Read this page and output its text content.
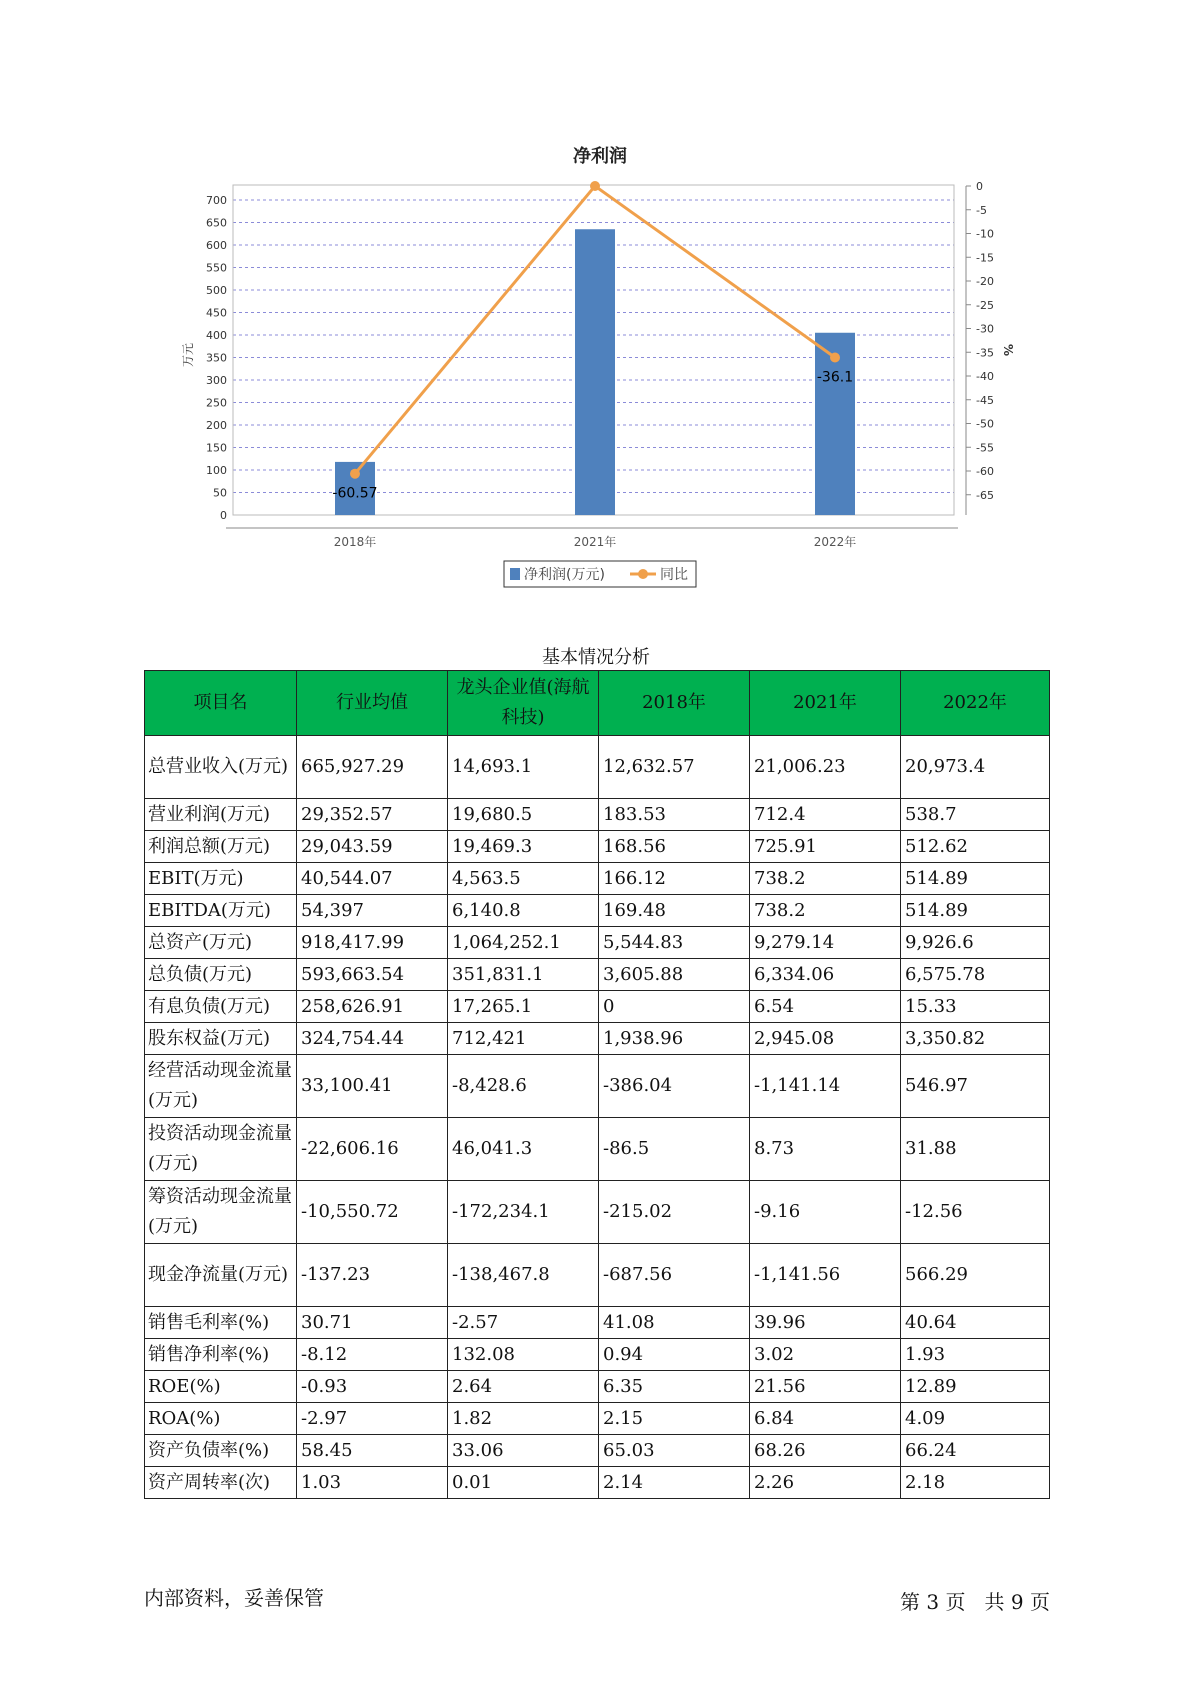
净利润
0
50
100
150
200
250
300
350
400
450
500
550
600
650
700
0
-5
-10
-15
-20
-25
-30
-35
-40
-45
-50
-55
-60
-65
万元	%
2018年	2021年	2022年
-60.57
-36.1
净利润(万元)	同比
基本情况分析
项目名	行业均值	龙头企业值(海航科技)	2018年	2021年	2022年
总营业收入(万元)	665,927.29	14,693.1	12,632.57	21,006.23	20,973.4
营业利润(万元)	29,352.57	19,680.5	183.53	712.4	538.7
利润总额(万元)	29,043.59	19,469.3	168.56	725.91	512.62
EBIT(万元)	40,544.07	4,563.5	166.12	738.2	514.89
EBITDA(万元)	54,397	6,140.8	169.48	738.2	514.89
总资产(万元)	918,417.99	1,064,252.1	5,544.83	9,279.14	9,926.6
总负债(万元)	593,663.54	351,831.1	3,605.88	6,334.06	6,575.78
有息负债(万元)	258,626.91	17,265.1	0	6.54	15.33
股东权益(万元)	324,754.44	712,421	1,938.96	2,945.08	3,350.82
经营活动现金流量(万元)	33,100.41	-8,428.6	-386.04	-1,141.14	546.97
投资活动现金流量(万元)	-22,606.16	46,041.3	-86.5	8.73	31.88
筹资活动现金流量(万元)	-10,550.72	-172,234.1	-215.02	-9.16	-12.56
现金净流量(万元)	-137.23	-138,467.8	-687.56	-1,141.56	566.29
销售毛利率(%)	30.71	-2.57	41.08	39.96	40.64
销售净利率(%)	-8.12	132.08	0.94	3.02	1.93
ROE(%)	-0.93	2.64	6.35	21.56	12.89
ROA(%)	-2.97	1.82	2.15	6.84	4.09
资产负债率(%)	58.45	33.06	65.03	68.26	66.24
资产周转率(次)	1.03	0.01	2.14	2.26	2.18
内部资料，妥善保管	第 3 页   共 9 页
